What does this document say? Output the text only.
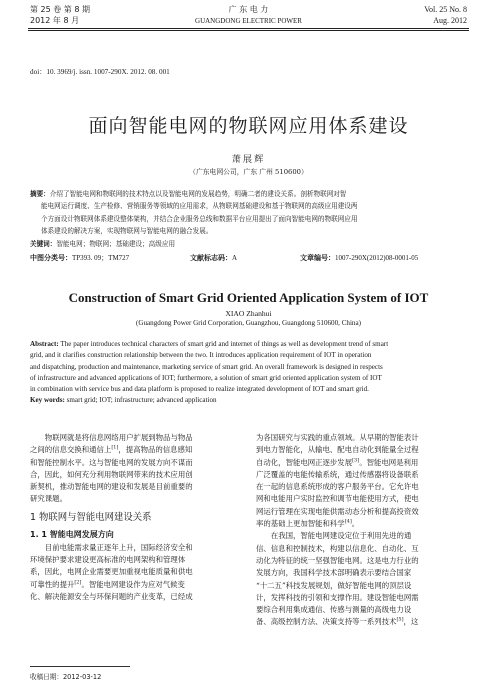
第 25 卷 第 8 期
2012 年 8 月
广 东 电 力
GUANGDONG ELECTRIC POWER
Vol. 25 No. 8
Aug. 2012
doi：10. 3969/j. issn. 1007-290X. 2012. 08. 001
面向智能电网的物联网应用体系建设
萧展辉
（广东电网公司，广东 广州 510600）
摘要：介绍了智能电网和物联网的技术特点以及智能电网的发展趋势，明确二者的建设关系。剖析物联网对智
能电网运行调度、生产检修、营销服务等领域的应用需求，从物联网基础建设和基于物联网的高级应用建设两
个方面设计物联网体系建设整体架构，并结合企业服务总线和数据平台应用提出了面向智能电网的物联网应用
体系建设的解决方案，实现物联网与智能电网的融合发展。
关键词：智能电网；物联网；基础建设；高级应用
中图分类号：TP393. 09；TM727	文献标志码：A	文章编号：1007-290X(2012)08-0001-05
Construction of Smart Grid Oriented Application System of IOT
XIAO Zhanhui
(Guangdong Power Grid Corporation, Guangzhou, Guangdong 510600, China)
Abstract: The paper introduces technical characters of smart grid and internet of things as well as development trend of smart
grid, and it clarifies construction relationship between the two. It introduces application requirement of IOT in operation
and dispatching, production and maintenance, marketing service of smart grid. An overall framework is designed in respects
of infrastructure and advanced applications of IOT; furthermore, a solution of smart grid oriented application system of IOT
in combination with service bus and data platform is proposed to realize integrated development of IOT and smart grid.
Key words: smart grid; IOT; infrastructure; advanced application
物联网就是将信息网络用户扩展到物品与物品
之间的信息交换和通信上[1]，提高物品的信息感知
和智能控制水平。这与智能电网的发展方向不谋而
合，因此，如何充分利用物联网带来的技术应用创
新契机，推动智能电网的建设和发展是目前重要的
研究课题。
1 物联网与智能电网建设关系
1. 1 智能电网发展方向
目前电能需求量正逐年上升，国际经济安全和
环境保护要求建设更高标准的电网架构和管理体
系，因此，电网企业需要更加重视电能质量和供电
可靠性的提升[2]。智能电网建设作为应对气候变
化、解决能源安全与环保问题的产业变革，已经成
收稿日期：2012-03-12
为各国研究与实践的重点领域。从早期的智能表计
到电力智能化，从输电、配电自动化到能量全过程
自动化，智能电网正逐步发展[3]。智能电网是利用
广泛覆盖的电能传输系统，通过传感器将设备联系
在一起的信息系统形成的客户服务平台。它允许电
网和电能用户实时监控和调节电能使用方式，使电
网运行管理在实现电能供需动态分析和提高投资效
率的基础上更加智能和科学[4]。
在我国，智能电网建设定位于利用先进的通
信、信息和控制技术，构建以信息化、自动化、互
动化为特征的统一坚强智能电网。这是电力行业的
发展方向，我国科学技术部明确表示要结合国家
“十二五”科技发展规划，做好智能电网的顶层设
计，发挥科技的引领和支撑作用。建设智能电网需
要综合利用集成通信、传感与测量的高级电力设
备、高级控制方法、决策支持等一系列技术[5]，这
